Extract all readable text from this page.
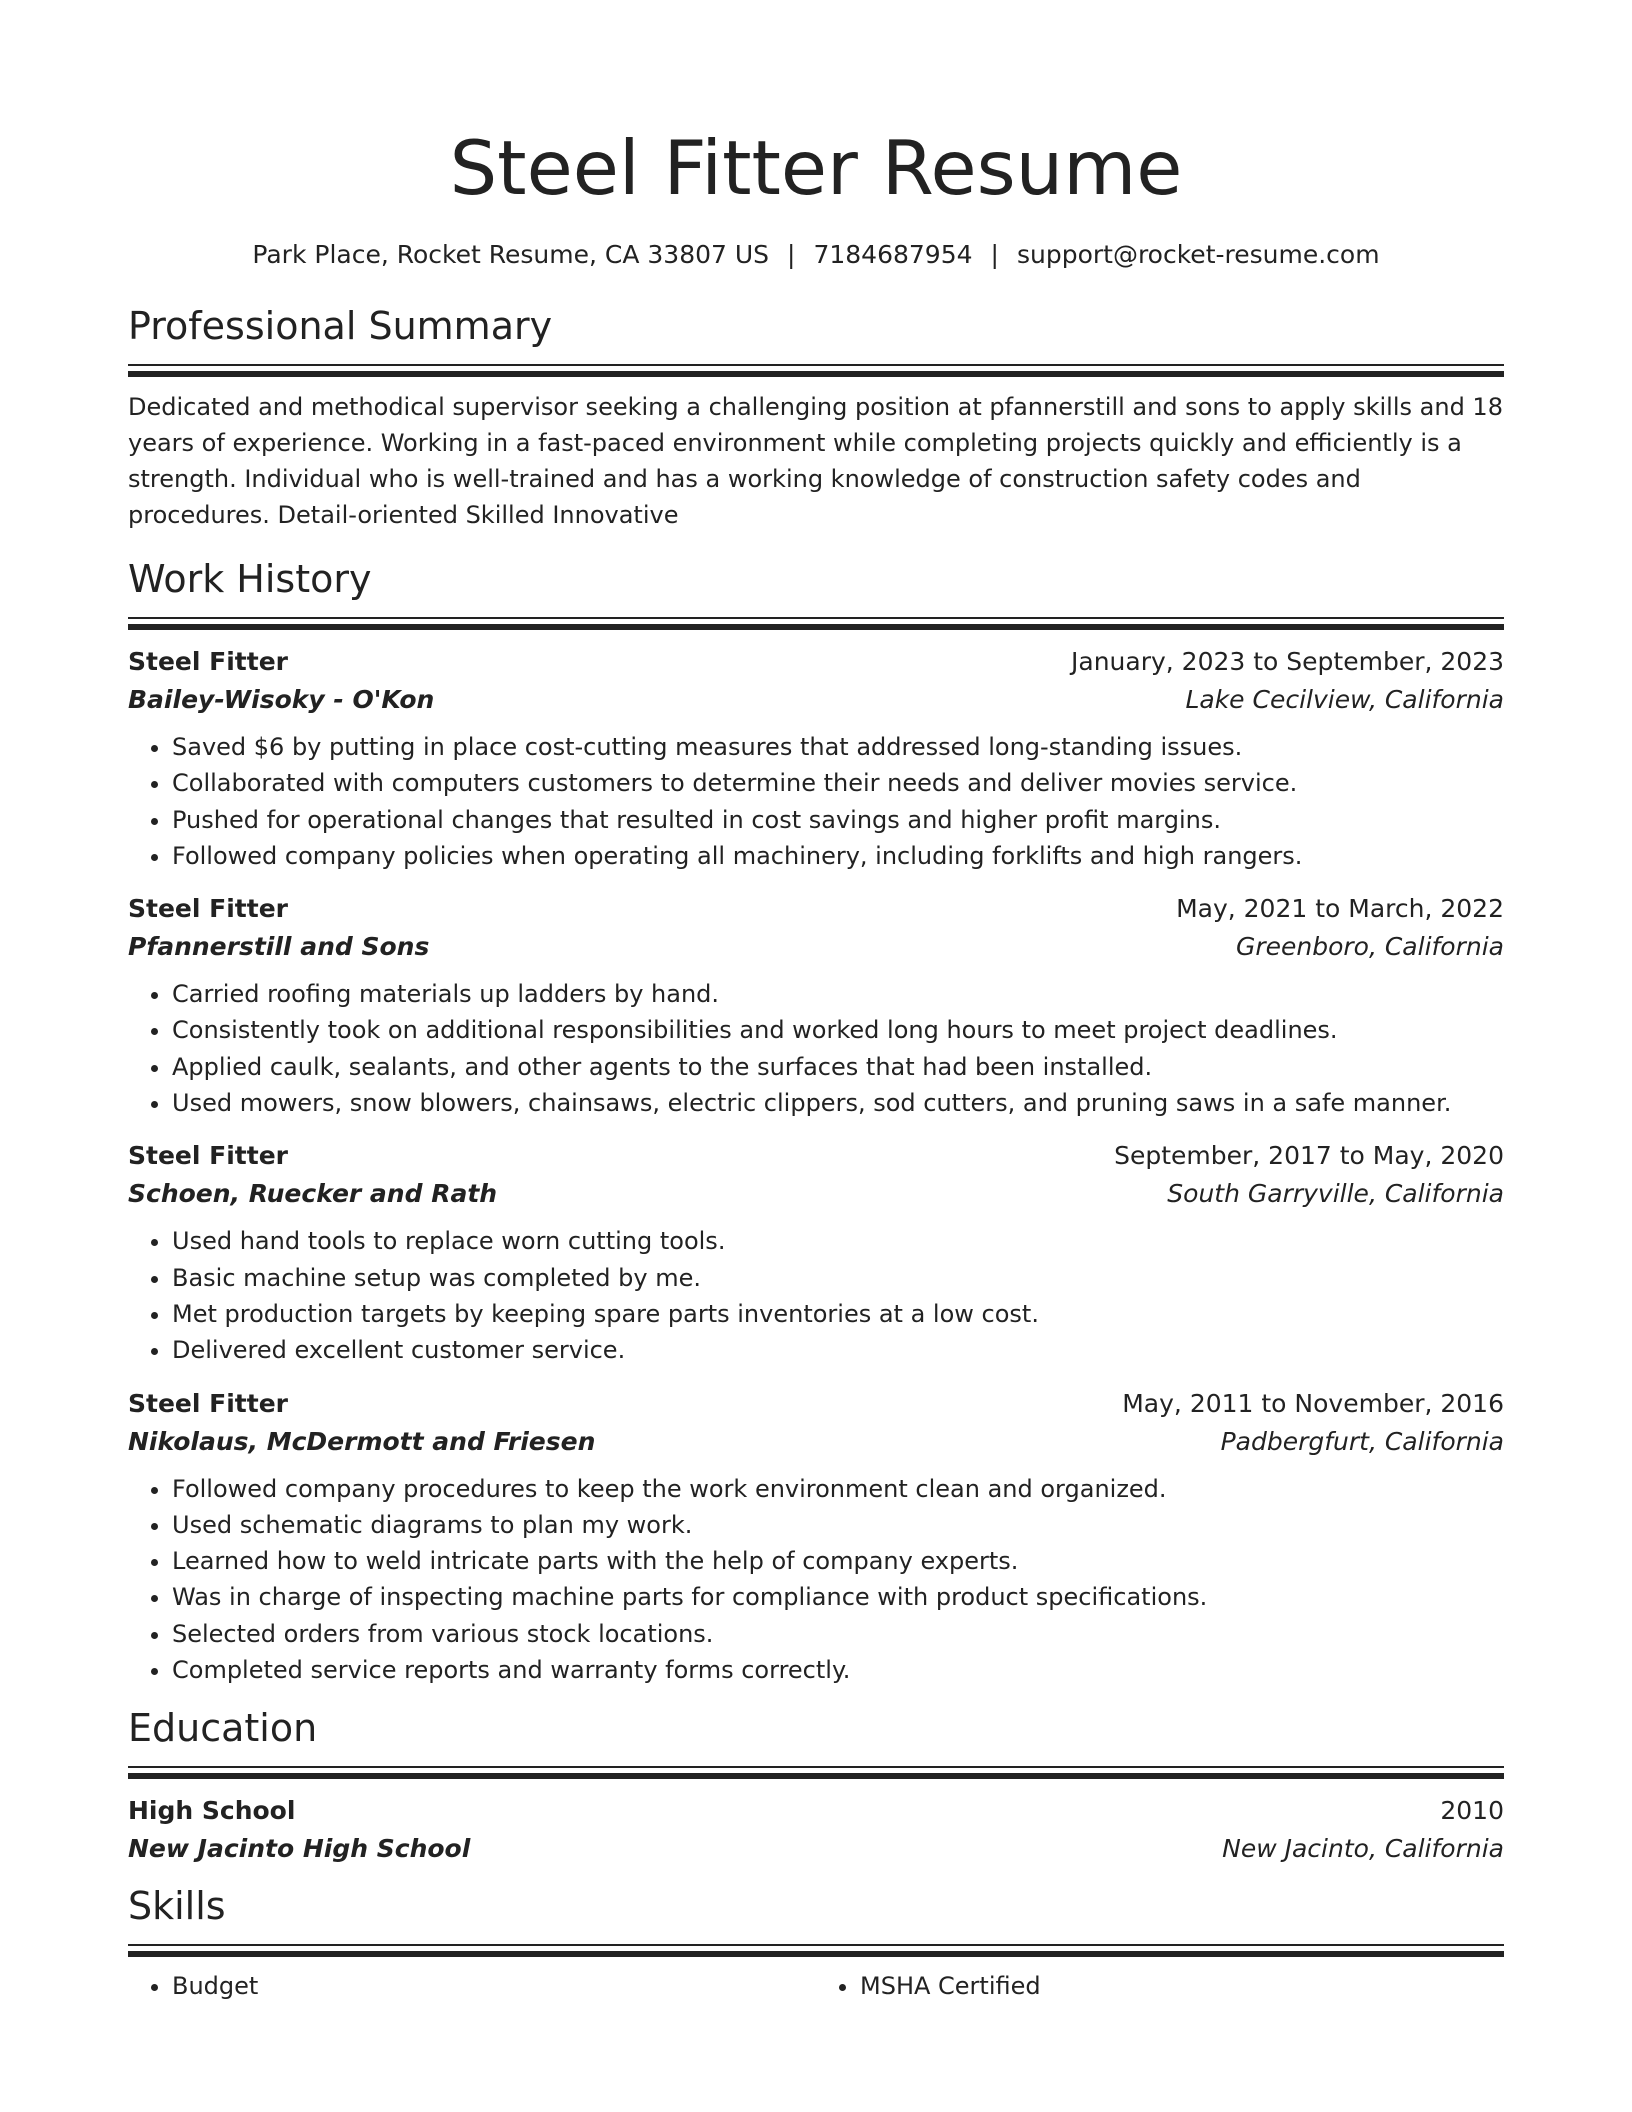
Steel Fitter Resume
Park Place, Rocket Resume, CA 33807 US | 7184687954 | support@rocket-resume.com
Professional Summary
Dedicated and methodical supervisor seeking a challenging position at pfannerstill and sons to apply skills and 18 years of experience. Working in a fast-paced environment while completing projects quickly and efficiently is a strength. Individual who is well-trained and has a working knowledge of construction safety codes and procedures. Detail-oriented Skilled Innovative
Work History
Steel Fitter	January, 2023 to September, 2023
Bailey-Wisoky - O'Kon	Lake Cecilview, California
• Saved $6 by putting in place cost-cutting measures that addressed long-standing issues.
• Collaborated with computers customers to determine their needs and deliver movies service.
• Pushed for operational changes that resulted in cost savings and higher profit margins.
• Followed company policies when operating all machinery, including forklifts and high rangers.
Steel Fitter	May, 2021 to March, 2022
Pfannerstill and Sons	Greenboro, California
• Carried roofing materials up ladders by hand.
• Consistently took on additional responsibilities and worked long hours to meet project deadlines.
• Applied caulk, sealants, and other agents to the surfaces that had been installed.
• Used mowers, snow blowers, chainsaws, electric clippers, sod cutters, and pruning saws in a safe manner.
Steel Fitter	September, 2017 to May, 2020
Schoen, Ruecker and Rath	South Garryville, California
• Used hand tools to replace worn cutting tools.
• Basic machine setup was completed by me.
• Met production targets by keeping spare parts inventories at a low cost.
• Delivered excellent customer service.
Steel Fitter	May, 2011 to November, 2016
Nikolaus, McDermott and Friesen	Padbergfurt, California
• Followed company procedures to keep the work environment clean and organized.
• Used schematic diagrams to plan my work.
• Learned how to weld intricate parts with the help of company experts.
• Was in charge of inspecting machine parts for compliance with product specifications.
• Selected orders from various stock locations.
• Completed service reports and warranty forms correctly.
Education
High School	2010
New Jacinto High School	New Jacinto, California
Skills
• Budget
•	MSHA Certified
